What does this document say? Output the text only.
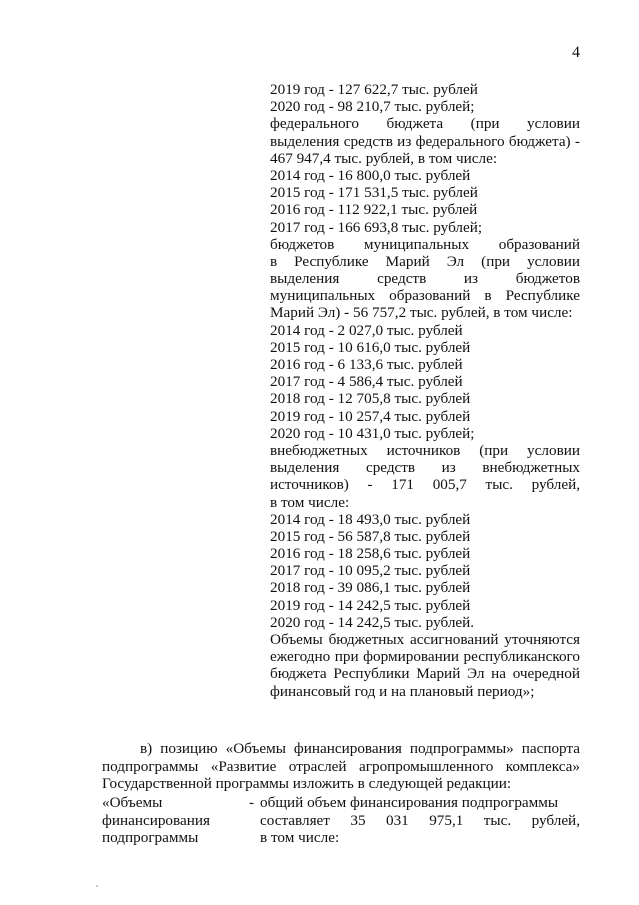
4
2019 год - 127 622,7 тыс. рублей
2020 год - 98 210,7 тыс. рублей;
федерального бюджета (при условии
выделения средств из федерального бюджета) -
467 947,4 тыс. рублей, в том числе:
2014 год - 16 800,0 тыс. рублей
2015 год - 171 531,5 тыс. рублей
2016 год - 112 922,1 тыс. рублей
2017 год - 166 693,8 тыс. рублей;
бюджетов муниципальных образований
в Республике Марий Эл (при условии
выделения средств из бюджетов
муниципальных образований в Республике
Марий Эл) - 56 757,2 тыс. рублей, в том числе:
2014 год - 2 027,0 тыс. рублей
2015 год - 10 616,0 тыс. рублей
2016 год - 6 133,6 тыс. рублей
2017 год - 4 586,4 тыс. рублей
2018 год - 12 705,8 тыс. рублей
2019 год - 10 257,4 тыс. рублей
2020 год - 10 431,0 тыс. рублей;
внебюджетных источников (при условии
выделения средств из внебюджетных
источников) - 171 005,7 тыс. рублей,
в том числе:
2014 год - 18 493,0 тыс. рублей
2015 год - 56 587,8 тыс. рублей
2016 год - 18 258,6 тыс. рублей
2017 год - 10 095,2 тыс. рублей
2018 год - 39 086,1 тыс. рублей
2019 год - 14 242,5 тыс. рублей
2020 год - 14 242,5 тыс. рублей.
Объемы бюджетных ассигнований уточняются
ежегодно при формировании республиканского
бюджета Республики Марий Эл на очередной
финансовый год и на плановый период»;
в) позицию «Объемы финансирования подпрограммы» паспорта
подпрограммы «Развитие отраслей агропромышленного комплекса»
Государственной программы изложить в следующей редакции:
«Объемы
финансирования
подпрограммы
- общий объем финансирования подпрограммы
составляет 35 031 975,1 тыс. рублей,
в том числе:
